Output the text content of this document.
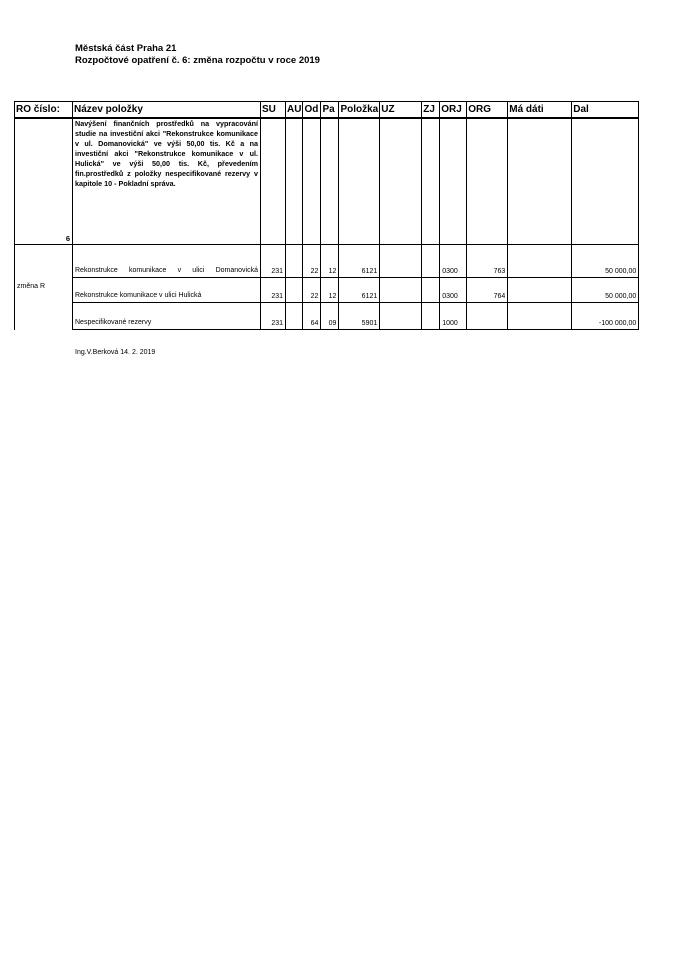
Městská část Praha 21
Rozpočtové opatření č. 6: změna rozpočtu v roce 2019
RO číslo:	Název položky	SU	AU	Od	Pa	Položka	UZ	ZJ	ORJ	ORG	Má dáti	Dal
6	Navýšení finančních prostředků na vypracování studie na investiční akci "Rekonstrukce komunikace v ul. Domanovická" ve výši 50,00 tis. Kč a na investiční akci "Rekonstrukce komunikace v ul. Hulická" ve výši 50,00 tis. Kč, převedením fin.prostředků z položky nespecifikované rezervy v kapitole 10 - Pokladní správa.											
změna R	Rekonstrukce komunikace v ulici Domanovická	231		22	12	6121			0300	763		50 000,00
	Rekonstrukce komunikace v ulici Hulická	231		22	12	6121			0300	764		50 000,00
	Nespecifikované rezervy	231		64	09	5901			1000			-100 000,00
Ing.V.Berková 14. 2. 2019
